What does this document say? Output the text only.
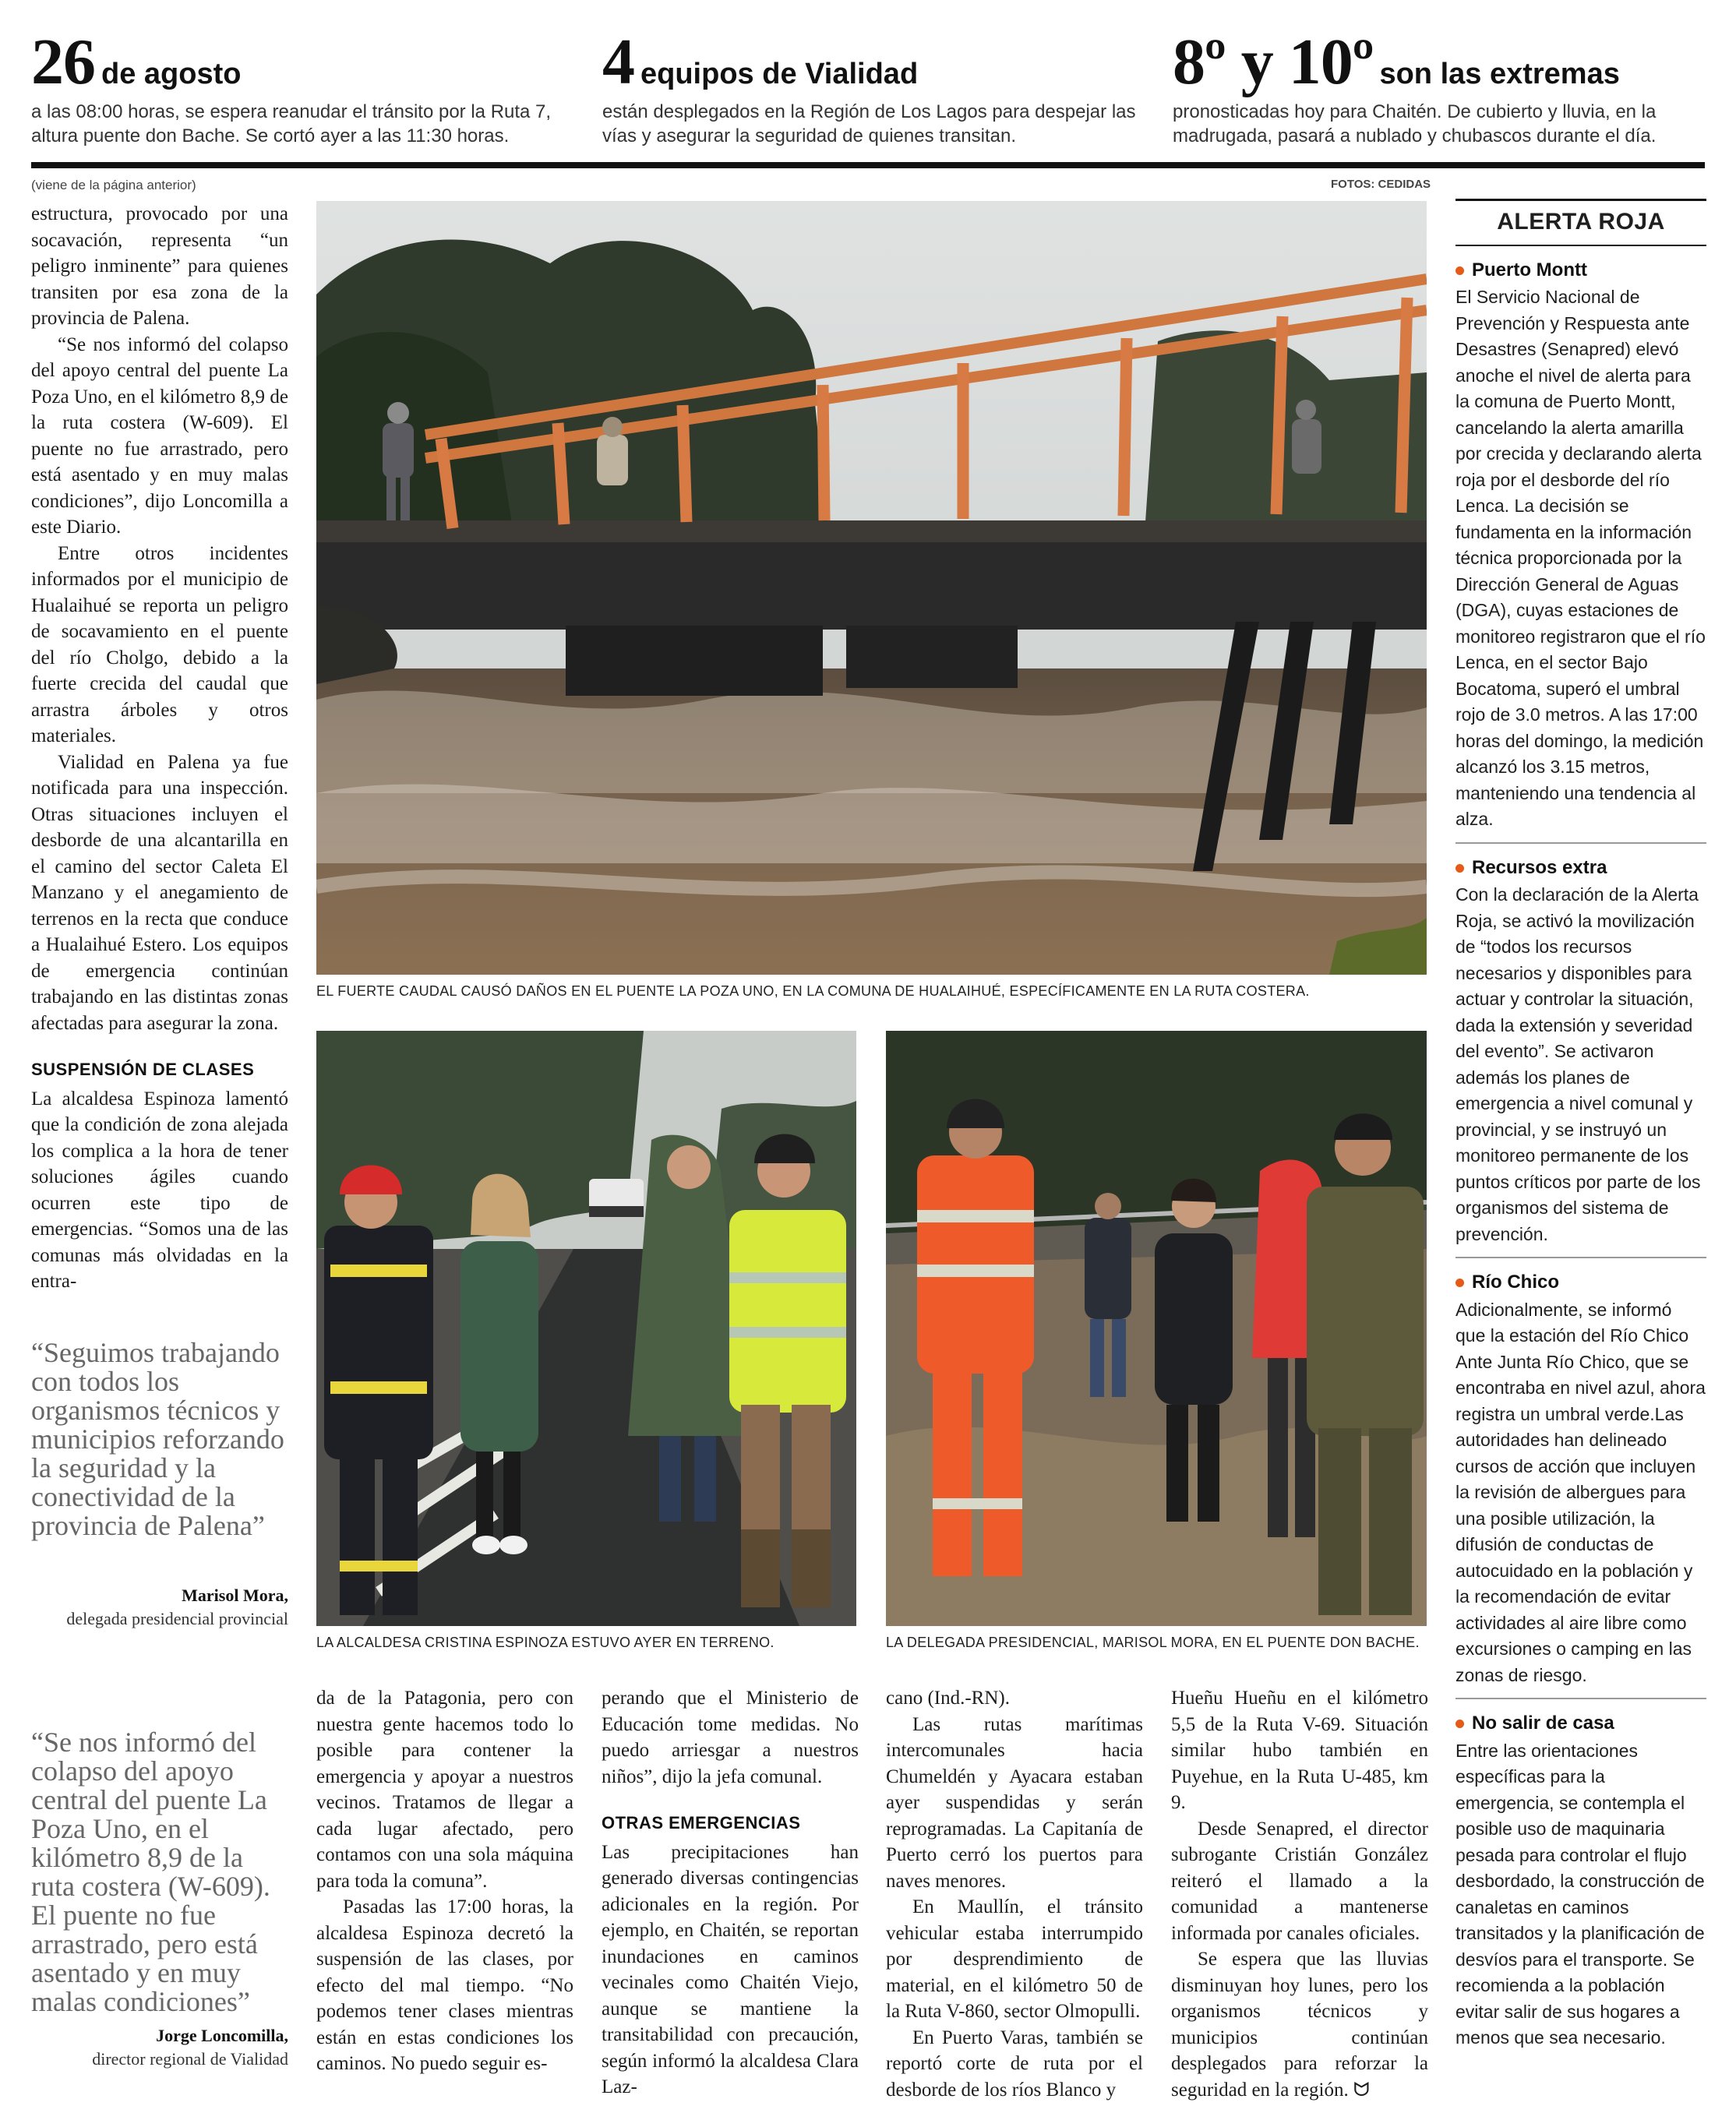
26 de agosto
a las 08:00 horas, se espera reanudar el tránsito por la Ruta 7, altura puente don Bache. Se cortó ayer a las 11:30 horas.
4 equipos de Vialidad
están desplegados en la Región de Los Lagos para despejar las vías y asegurar la seguridad de quienes transitan.
8º y 10º son las extremas
pronosticadas hoy para Chaitén. De cubierto y lluvia, en la madrugada, pasará a nublado y chubascos durante el día.
(viene de la página anterior)	FOTOS: CEDIDAS

estructura, provocado por una socavación, representa “un peligro inminente” para quienes transiten por esa zona de la provincia de Palena.

“Se nos informó del colapso del apoyo central del puente La Poza Uno, en el kilómetro 8,9 de la ruta costera (W-609). El puente no fue arrastrado, pero está asentado y en muy malas condiciones”, dijo Loncomilla a este Diario.

Entre otros incidentes informados por el municipio de Hualaihué se reporta un peligro de socavamiento en el puente del río Cholgo, debido a la fuerte crecida del caudal que arrastra árboles y otros materiales.

Vialidad en Palena ya fue notificada para una inspección. Otras situaciones incluyen el desborde de una alcantarilla en el camino del sector Caleta El Manzano y el anegamiento de terrenos en la recta que conduce a Hualaihué Estero. Los equipos de emergencia continúan trabajando en las distintas zonas afectadas para asegurar la zona.

SUSPENSIÓN DE CLASES

La alcaldesa Espinoza lamentó que la condición de zona alejada los complica a la hora de tener soluciones ágiles cuando ocurren este tipo de emergencias. “Somos una de las comunas más olvidadas en la entra-

“Seguimos trabajando con todos los organismos técnicos y municipios reforzando la seguridad y la conectividad de la provincia de Palena”
Marisol Mora,
delegada presidencial provincial
“Se nos informó del colapso del apoyo central del puente La Poza Uno, en el kilómetro 8,9 de la ruta costera (W-609). El puente no fue arrastrado, pero está asentado y en muy malas condiciones”
Jorge Loncomilla,
director regional de Vialidad
EL FUERTE CAUDAL CAUSÓ DAÑOS EN EL PUENTE LA POZA UNO, EN LA COMUNA DE HUALAIHUÉ, ESPECÍFICAMENTE EN LA RUTA COSTERA.
LA ALCALDESA CRISTINA ESPINOZA ESTUVO AYER EN TERRENO.	LA DELEGADA PRESIDENCIAL, MARISOL MORA, EN EL PUENTE DON BACHE.

da de la Patagonia, pero con nuestra gente hacemos todo lo posible para contener la emergencia y apoyar a nuestros vecinos. Tratamos de llegar a cada lugar afectado, pero contamos con una sola máquina para toda la comuna”.

Pasadas las 17:00 horas, la alcaldesa Espinoza decretó la suspensión de las clases, por efecto del mal tiempo. “No podemos tener clases mientras están en estas condiciones los caminos. No puedo seguir es-

perando que el Ministerio de Educación tome medidas. No puedo arriesgar a nuestros niños”, dijo la jefa comunal.

OTRAS EMERGENCIAS

Las precipitaciones han generado diversas contingencias adicionales en la región. Por ejemplo, en Chaitén, se reportan inundaciones en caminos vecinales como Chaitén Viejo, aunque se mantiene la transitabilidad con precaución, según informó la alcaldesa Clara Laz-

cano (Ind.-RN).

Las rutas marítimas intercomunales hacia Chumeldén y Ayacara estaban ayer suspendidas y serán reprogramadas. La Capitanía de Puerto cerró los puertos para naves menores.

En Maullín, el tránsito vehicular estaba interrumpido por desprendimiento de material, en el kilómetro 50 de la Ruta V-860, sector Olmopulli.

En Puerto Varas, también se reportó corte de ruta por el desborde de los ríos Blanco y

Hueñu Hueñu en el kilómetro 5,5 de la Ruta V-69. Situación similar hubo también en Puyehue, en la Ruta U-485, km 9.

Desde Senapred, el director subrogante Cristián González reiteró el llamado a la comunidad a mantenerse informada por canales oficiales.

Se espera que las lluvias disminuyan hoy lunes, pero los organismos técnicos y municipios continúan desplegados para reforzar la seguridad en la región. ᗢ

ALERTA ROJA
Puerto Montt
El Servicio Nacional de Prevención y Respuesta ante Desastres (Senapred) elevó anoche el nivel de alerta para la comuna de Puerto Montt, cancelando la alerta amarilla por crecida y declarando alerta roja por el desborde del río Lenca. La decisión se fundamenta en la información técnica proporcionada por la Dirección General de Aguas (DGA), cuyas estaciones de monitoreo registraron que el río Lenca, en el sector Bajo Bocatoma, superó el umbral rojo de 3.0 metros. A las 17:00 horas del domingo, la medición alcanzó los 3.15 metros, manteniendo una tendencia al alza.
Recursos extra
Con la declaración de la Alerta Roja, se activó la movilización de “todos los recursos necesarios y disponibles para actuar y controlar la situación, dada la extensión y severidad del evento”. Se activaron además los planes de emergencia a nivel comunal y provincial, y se instruyó un monitoreo permanente de los puntos críticos por parte de los organismos del sistema de prevención.
Río Chico
Adicionalmente, se informó que la estación del Río Chico Ante Junta Río Chico, que se encontraba en nivel azul, ahora registra un umbral verde.Las autoridades han delineado cursos de acción que incluyen la revisión de albergues para una posible utilización, la difusión de conductas de autocuidado en la población y la recomendación de evitar actividades al aire libre como excursiones o camping en las zonas de riesgo.
No salir de casa
Entre las orientaciones específicas para la emergencia, se contempla el posible uso de maquinaria pesada para controlar el flujo desbordado, la construcción de canaletas en caminos transitados y la planificación de desvíos para el transporte. Se recomienda a la población evitar salir de sus hogares a menos que sea necesario.
